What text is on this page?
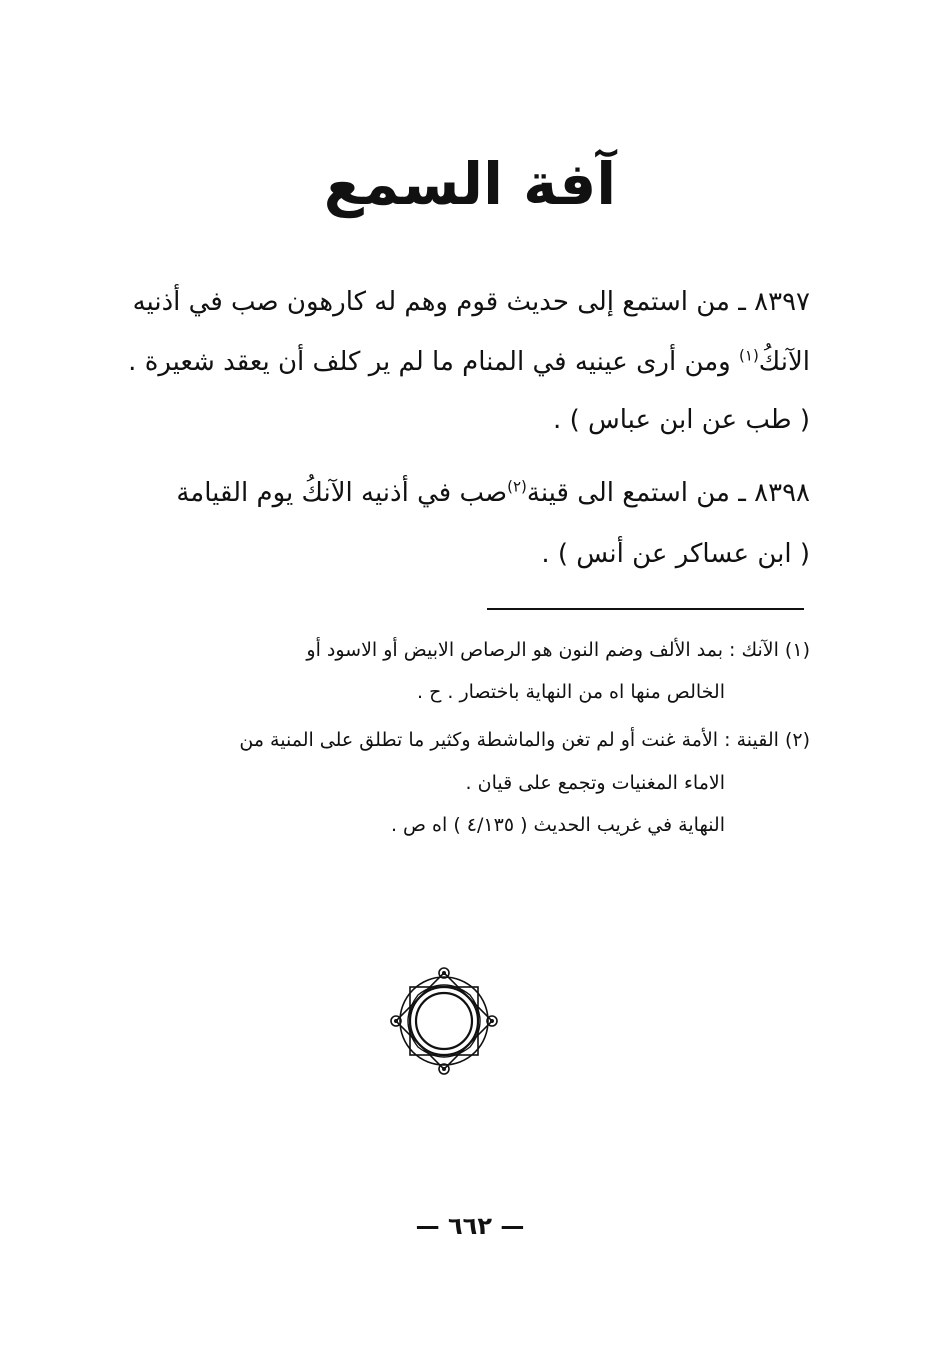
آفة السمع
٨٣٩٧ ـ من استمع إلى حديث قوم وهم له كارهون صب في أذنيه
الآنكُ$^{(١)}$ ومن أرى عينيه في المنام ما لم ير كلف أن يعقد شعيرة .
( طب عن ابن عباس ) .
٨٣٩٨ ـ من استمع الى قينة$^{(٢)}$صب في أذنيه الآنكُ يوم القيامة
( ابن عساكر عن أنس ) .
(١) الآنك : بمد الألف وضم النون هو الرصاص الابيض أو الاسود أو
الخالص منها اه من النهاية باختصار . ح .
(٢) القينة : الأمة غنت أو لم تغن والماشطة وكثير ما تطلق على المنية من
الاماء المغنيات وتجمع على قيان .
النهاية في غريب الحديث ( ٤/١٣٥ ) اه ص .
— ٦٦٢ —
